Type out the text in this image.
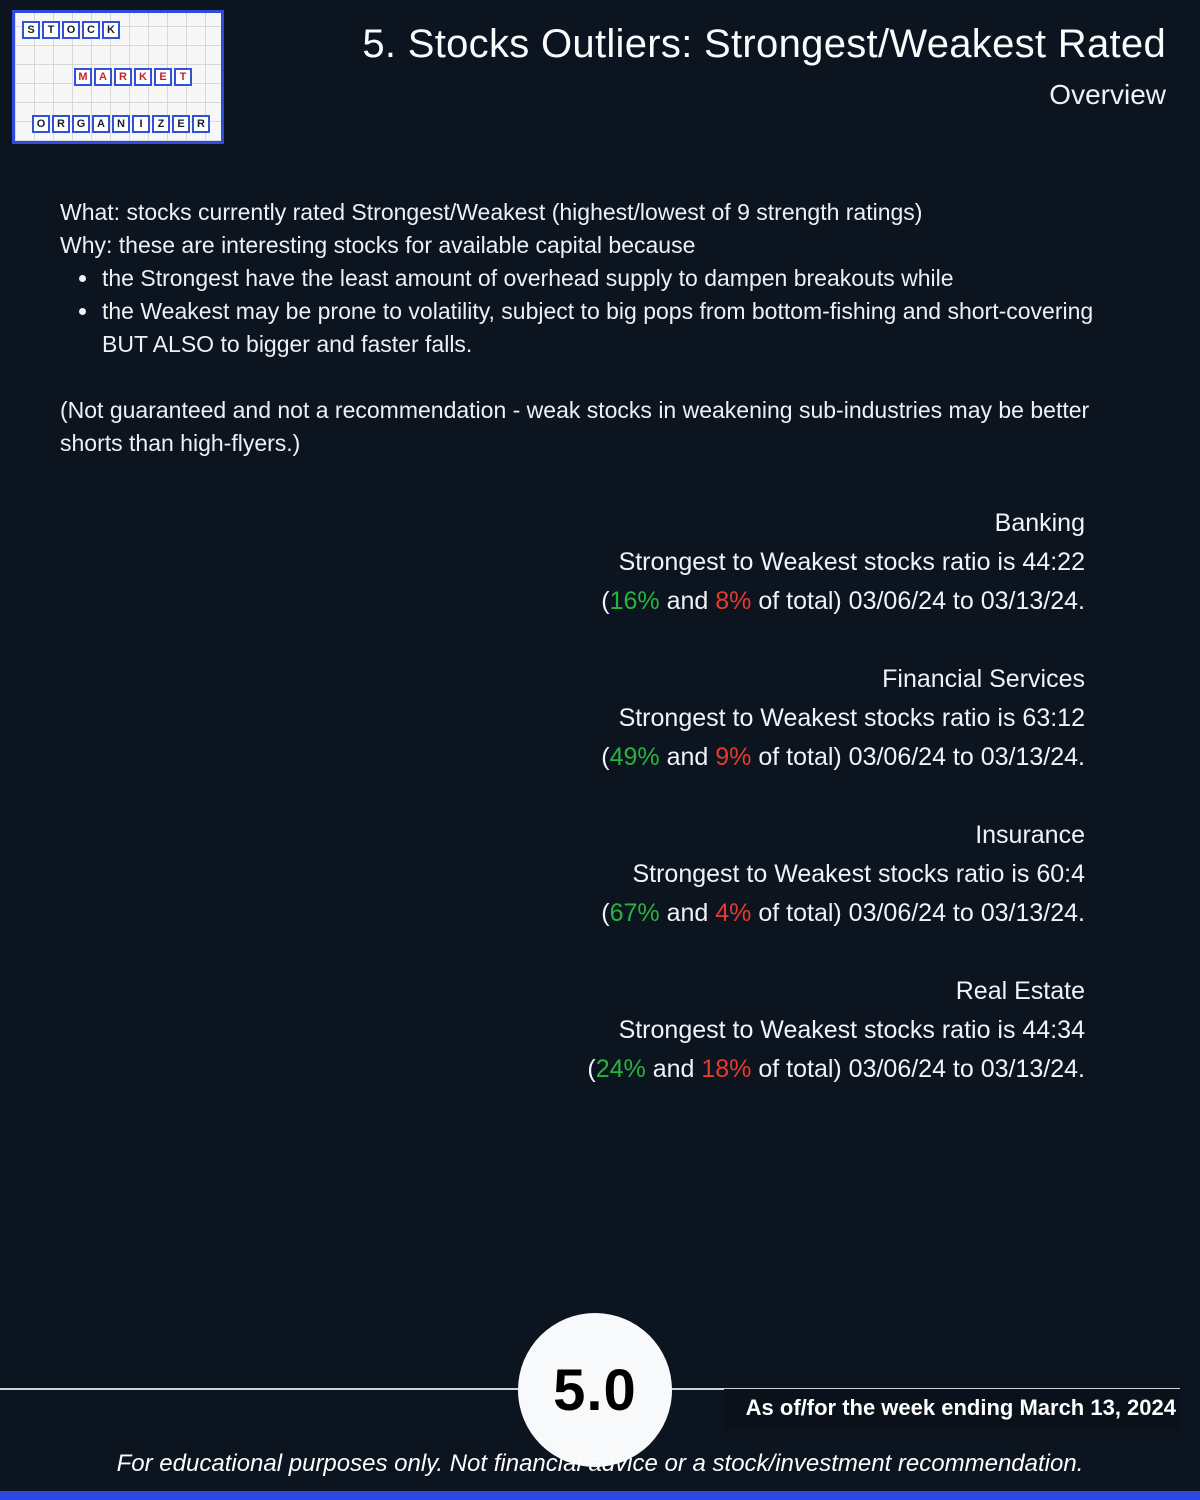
S	T	O	C	K
M	A	R	K	E	T
O	R	G	A	N	I	Z	E	R
5. Stocks Outliers: Strongest/Weakest Rated
Overview
What: stocks currently rated Strongest/Weakest (highest/lowest of 9 strength ratings)
Why: these are interesting stocks for available capital because
• the Strongest have the least amount of overhead supply to dampen breakouts while
• the Weakest may be prone to volatility, subject to big pops from bottom-fishing and short-covering BUT ALSO to bigger and faster falls.
(Not guaranteed and not a recommendation - weak stocks in weakening sub-industries may be better shorts than high-flyers.)
Banking
Strongest to Weakest stocks ratio is 44:22
(16% and 8% of total) 03/06/24 to 03/13/24.
Financial Services
Strongest to Weakest stocks ratio is 63:12
(49% and 9% of total) 03/06/24 to 03/13/24.
Insurance
Strongest to Weakest stocks ratio is 60:4
(67% and 4% of total) 03/06/24 to 03/13/24.
Real Estate
Strongest to Weakest stocks ratio is 44:34
(24% and 18% of total) 03/06/24 to 03/13/24.
5.0	As of/for the week ending March 13, 2024
For educational purposes only. Not financial advice or a stock/investment recommendation.
